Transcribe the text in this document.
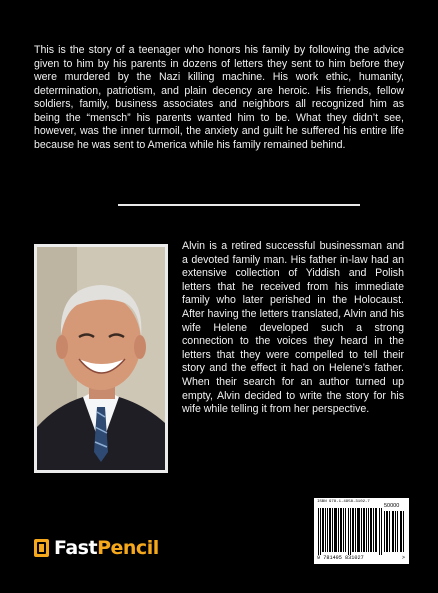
This is the story of a teenager who honors his family by following the advice given to him by his parents in dozens of letters they sent to him before they were murdered by the Nazi killing machine. His work ethic, humanity, determination, patriotism, and plain decency are heroic. His friends, fellow soldiers, family, business associates and neighbors all recognized him as being the “mensch” his parents wanted him to be. What they didn’t see, however, was the inner turmoil, the anxiety and guilt he suffered his entire life because he was sent to America while his family remained behind.

Alvin is a retired successful businessman and a devoted family man. His father in-law had an extensive collection of Yiddish and Polish letters that he received from his immediate family who later perished in the Holocaust. After having the letters translated, Alvin and his wife Helene developed such a strong connection to the voices they heard in the letters that they were compelled to tell their story and the effect it had on Helene’s father. When their search for an author turned up empty, Alvin decided to write the story for his wife while telling it from her perspective.

ISBN 978-1-4958-3102-7
50000
9 781495 831027	>
FastPencil
